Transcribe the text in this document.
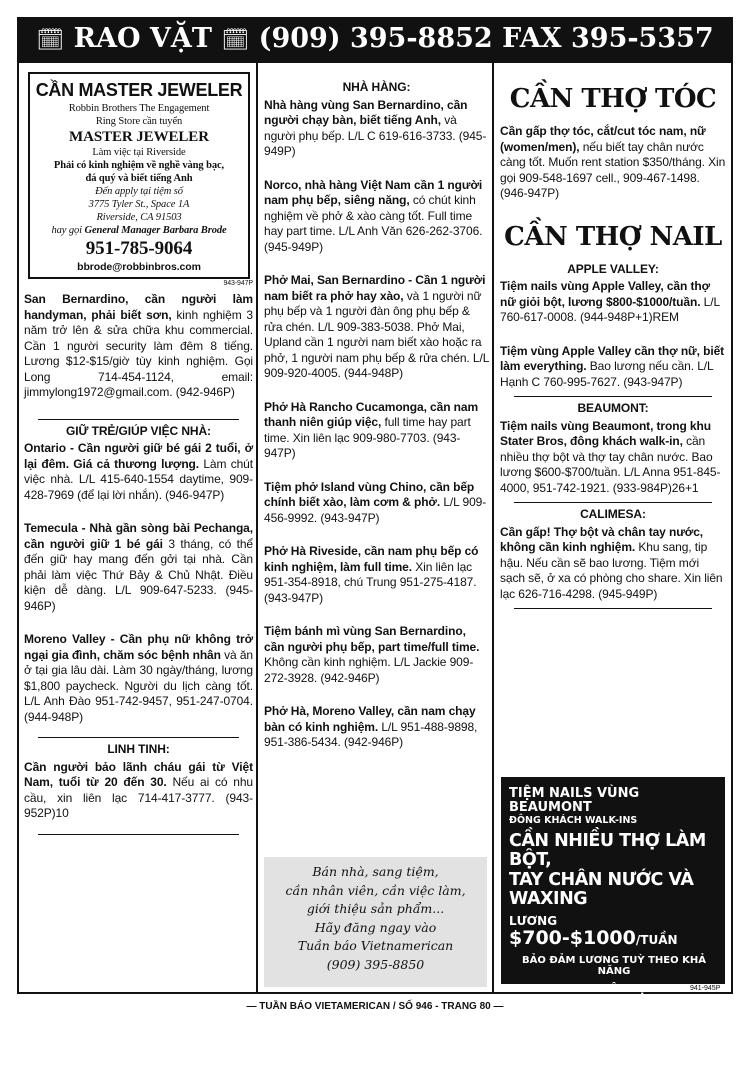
🗓 RAO VẶT 🗓 (909) 395-8852 FAX 395-5357
CẦN MASTER JEWELER
Robbin Brothers The Engagement
Ring Store cần tuyển
MASTER JEWELER
Làm việc tại Riverside
Phải có kinh nghiệm về nghề vàng bạc,
đá quý và biết tiếng Anh
Đến apply tại tiệm số
3775 Tyler St., Space 1A
Riverside, CA 91503
hay gọi General Manager Barbara Brode
951-785-9064
bbrode@robbinbros.com
943-947P
San Bernardino, cần người làm handyman, phải biết sơn, kinh nghiệm 3 năm trở lên & sửa chữa khu commercial. Cần 1 người security làm đêm 8 tiếng. Lương $12-$15/giờ tùy kinh nghiệm. Gọi Long 714-454-1124, email: jimmylong1972@gmail.com. (942-946P)
GIỮ TRẺ/GIÚP VIỆC NHÀ:
Ontario - Cần người giữ bé gái 2 tuổi, ở lại đêm. Giá cả thương lượng. Làm chút việc nhà. L/L 415-640-1554 daytime, 909-428-7969 (để lại lời nhắn). (946-947P)
Temecula - Nhà gần sòng bài Pechanga, cần người giữ 1 bé gái 3 tháng, có thể đến giữ hay mang đến gởi tại nhà. Cần phải làm việc Thứ Bảy & Chủ Nhật. Điều kiện dễ dàng. L/L 909-647-5233. (945-946P)
Moreno Valley - Cần phụ nữ không trở ngại gia đình, chăm sóc bệnh nhân và ăn ở tại gia lâu dài. Làm 30 ngày/tháng, lương $1,800 paycheck. Người du lịch càng tốt. L/L Anh Đào 951-742-9457, 951-247-0704. (944-948P)
LINH TINH:
Cần người bảo lãnh cháu gái từ Việt Nam, tuổi từ 20 đến 30. Nếu ai có nhu cầu, xin liên lạc 714-417-3777. (943-952P)10
NHÀ HÀNG:
Nhà hàng vùng San Bernardino, cần người chạy bàn, biết tiếng Anh, và người phụ bếp. L/L C 619-616-3733. (945-949P)
Norco, nhà hàng Việt Nam cần 1 người nam phụ bếp, siêng năng, có chút kinh nghiệm về phở & xào càng tốt. Full time hay part time. L/L Anh Văn 626-262-3706. (945-949P)
Phở Mai, San Bernardino - Cần 1 người nam biết ra phở hay xào, và 1 người nữ phụ bếp và 1 người đàn ông phụ bếp & rửa chén. L/L 909-383-5038. Phở Mai, Upland cần 1 người nam biết xào hoặc ra phở, 1 người nam phụ bếp & rửa chén. L/L 909-920-4005. (944-948P)
Phở Hà Rancho Cucamonga, cần nam thanh niên giúp việc, full time hay part time. Xin liên lạc 909-980-7703. (943-947P)
Tiệm phở Island vùng Chino, cần bếp chính biết xào, làm cơm & phở. L/L 909-456-9992. (943-947P)
Phở Hà Riveside, cần nam phụ bếp có kinh nghiệm, làm full time. Xin liên lạc 951-354-8918, chú Trung 951-275-4187. (943-947P)
Tiệm bánh mì vùng San Bernardino, cần người phụ bếp, part time/full time. Không cần kinh nghiệm. L/L Jackie 909-272-3928. (942-946P)
Phở Hà, Moreno Valley, cần nam chạy bàn có kinh nghiệm. L/L 951-488-9898, 951-386-5434. (942-946P)
Bán nhà, sang tiệm,
cần nhân viên, cần việc làm,
giới thiệu sản phẩm...
Hãy đăng ngay vào
Tuần báo Vietnamerican
(909) 395-8850
CẦN THỢ TÓC
Cần gấp thợ tóc, cắt/cut tóc nam, nữ (women/men), nếu biết tay chân nước càng tốt. Muốn rent station $350/tháng. Xin gọi 909-548-1697 cell., 909-467-1498. (946-947P)
CẦN THỢ NAIL
APPLE VALLEY:
Tiệm nails vùng Apple Valley, cần thợ nữ giỏi bột, lương $800-$1000/tuần. L/L 760-617-0008. (944-948P+1)REM
Tiệm vùng Apple Valley cần thợ nữ, biết làm everything. Bao lương nếu cần. L/L Hạnh C 760-995-7627. (943-947P)
BEAUMONT:
Tiệm nails vùng Beaumont, trong khu Stater Bros, đông khách walk-in, cần nhiều thợ bột và thợ tay chân nước. Bao lương $600-$700/tuần. L/L Anna 951-845-4000, 951-742-1921. (933-984P)26+1
CALIMESA:
Cần gấp! Thợ bột và chân tay nước, không cần kinh nghiệm. Khu sang, tip hậu. Nếu cần sẽ bao lương. Tiệm mới sạch sẽ, ở xa có phòng cho share. Xin liên lạc 626-716-4298. (945-949P)
TIỆM NAILS VÙNG BEAUMONT
ĐÔNG KHÁCH WALK-INS
CẦN NHIỀU THỢ LÀM BỘT,
TAY CHÂN NƯỚC VÀ WAXING
LƯƠNG $700-$1000/TUẦN
BẢO ĐẢM LƯƠNG TUỲ THEO KHẢ NĂNG
XIN LIÊN LẠC
909-455-7691
941-945P
— TUẦN BÁO VIETAMERICAN / SỐ 946 - TRANG 80 —
